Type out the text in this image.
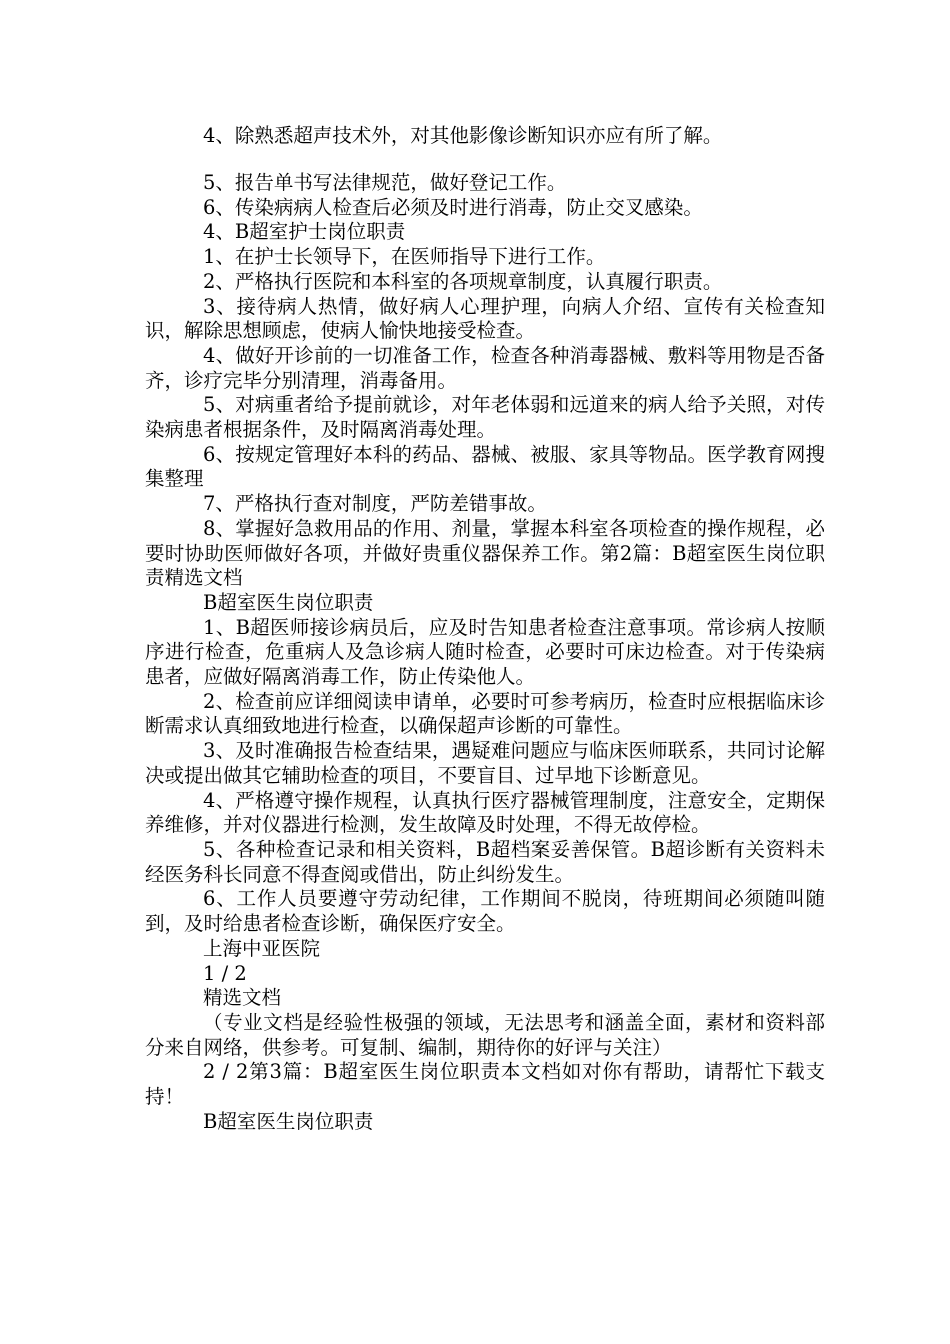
4、除熟悉超声技术外，对其他影像诊断知识亦应有所了解。

5、报告单书写法律规范，做好登记工作。

6、传染病病人检查后必须及时进行消毒，防止交叉感染。

4、B超室护士岗位职责

1、在护士长领导下，在医师指导下进行工作。

2、严格执行医院和本科室的各项规章制度，认真履行职责。

3、接待病人热情，做好病人心理护理，向病人介绍、宣传有关检查知识，解除思想顾虑，使病人愉快地接受检查。

4、做好开诊前的一切准备工作，检查各种消毒器械、敷料等用物是否备齐，诊疗完毕分别清理，消毒备用。

5、对病重者给予提前就诊，对年老体弱和远道来的病人给予关照，对传染病患者根据条件，及时隔离消毒处理。

6、按规定管理好本科的药品、器械、被服、家具等物品。医学教育网搜集整理

7、严格执行查对制度，严防差错事故。

8、掌握好急救用品的作用、剂量，掌握本科室各项检查的操作规程，必要时协助医师做好各项，并做好贵重仪器保养工作。第2篇：B超室医生岗位职责精选文档

B超室医生岗位职责

1、B超医师接诊病员后，应及时告知患者检查注意事项。常诊病人按顺序进行检查，危重病人及急诊病人随时检查，必要时可床边检查。对于传染病患者，应做好隔离消毒工作，防止传染他人。

2、检查前应详细阅读申请单，必要时可参考病历，检查时应根据临床诊断需求认真细致地进行检查，以确保超声诊断的可靠性。

3、及时准确报告检查结果，遇疑难问题应与临床医师联系，共同讨论解决或提出做其它辅助检查的项目，不要盲目、过早地下诊断意见。

4、严格遵守操作规程，认真执行医疗器械管理制度，注意安全，定期保养维修，并对仪器进行检测，发生故障及时处理，不得无故停检。

5、各种检查记录和相关资料，B超档案妥善保管。B超诊断有关资料未经医务科长同意不得查阅或借出，防止纠纷发生。

6、工作人员要遵守劳动纪律，工作期间不脱岗，待班期间必须随叫随到，及时给患者检查诊断，确保医疗安全。

上海中亚医院

1 / 2

精选文档

（专业文档是经验性极强的领域，无法思考和涵盖全面，素材和资料部分来自网络，供参考。可复制、编制，期待你的好评与关注）

2 / 2第3篇：B超室医生岗位职责本文档如对你有帮助，请帮忙下载支持！

B超室医生岗位职责
